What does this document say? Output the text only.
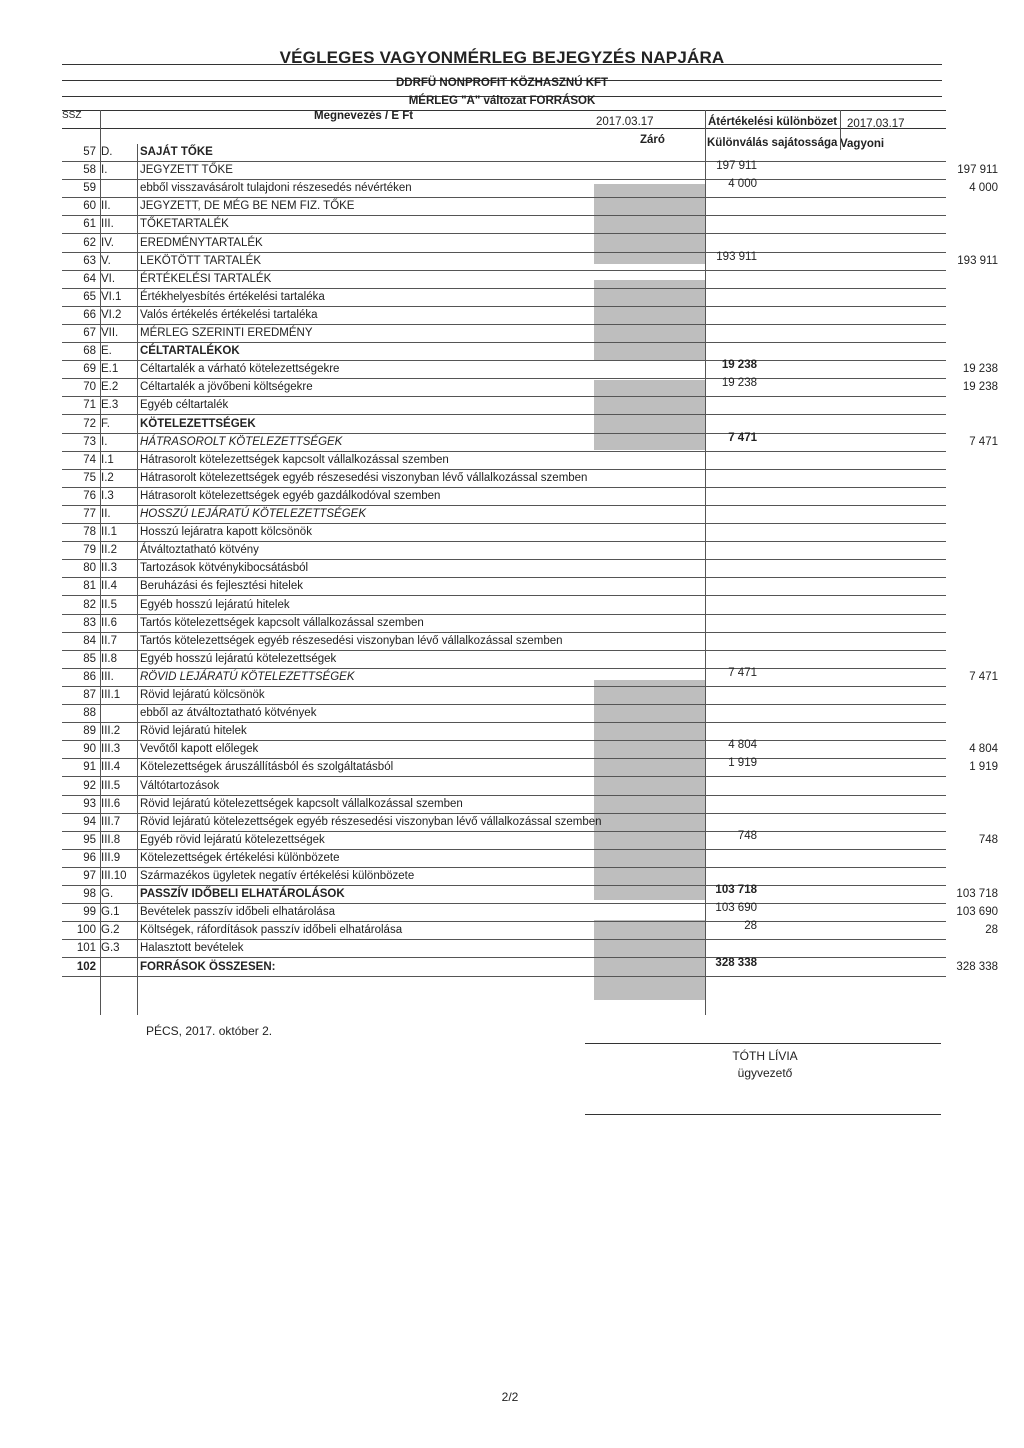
VÉGLEGES VAGYONMÉRLEG BEJEGYZÉS NAPJÁRA
DDRFÜ NONPROFIT KÖZHASZNÚ KFT
MÉRLEG "A" változat FORRÁSOK
SSZ	Megnevezés / E Ft	2017.03.17
Záró
Átértékelési különbözet
Különválás sajátossága
2017.03.17
Vagyoni
57 D.	SAJÁT TŐKE
58 I.	JEGYZETT TŐKE	197 911	197 911
59	ebből visszavásárolt tulajdoni részesedés névértéken	4 000	4 000
60 II.	JEGYZETT, DE MÉG BE NEM FIZ. TŐKE
61 III.	TŐKETARTALÉK
62 IV.	EREDMÉNYTARTALÉK
63 V.	LEKÖTÖTT TARTALÉK	193 911	193 911
64 VI.	ÉRTÉKELÉSI TARTALÉK
65 VI.1	Értékhelyesbítés értékelési tartaléka
66 VI.2	Valós értékelés értékelési tartaléka
67 VII.	MÉRLEG SZERINTI EREDMÉNY
68 E.	CÉLTARTALÉKOK
69 E.1	Céltartalék a várható kötelezettségekre	19 238	19 238
70 E.2	Céltartalék a jövőbeni költségekre	19 238	19 238
71 E.3	Egyéb céltartalék
72 F.	KÖTELEZETTSÉGEK
73 I.	HÁTRASOROLT KÖTELEZETTSÉGEK	7 471	7 471
74 I.1	Hátrasorolt kötelezettségek kapcsolt vállalkozással szemben
75 I.2	Hátrasorolt kötelezettségek egyéb részesedési viszonyban lévő vállalkozással szemben
76 I.3	Hátrasorolt kötelezettségek egyéb gazdálkodóval szemben
77 II.	HOSSZÚ LEJÁRATÚ KÖTELEZETTSÉGEK
78 II.1	Hosszú lejáratra kapott kölcsönök
79 II.2	Átváltoztatható kötvény
80 II.3	Tartozások kötvénykibocsátásból
81 II.4	Beruházási és fejlesztési hitelek
82 II.5	Egyéb hosszú lejáratú hitelek
83 II.6	Tartós kötelezettségek kapcsolt vállalkozással szemben
84 II.7	Tartós kötelezettségek egyéb részesedési viszonyban lévő vállalkozással szemben
85 II.8	Egyéb hosszú lejáratú kötelezettségek
86 III.	RÖVID LEJÁRATÚ KÖTELEZETTSÉGEK	7 471	7 471
87 III.1	Rövid lejáratú kölcsönök
88	ebből az átváltoztatható kötvények
89 III.2	Rövid lejáratú hitelek
90 III.3	Vevőtől kapott előlegek	4 804	4 804
91 III.4	Kötelezettségek áruszállításból és szolgáltatásból	1 919	1 919
92 III.5	Váltótartozások
93 III.6	Rövid lejáratú kötelezettségek kapcsolt vállalkozással szemben
94 III.7	Rövid lejáratú kötelezettségek egyéb részesedési viszonyban lévő vállalkozással szemben
95 III.8	Egyéb rövid lejáratú kötelezettségek	748	748
96 III.9	Kötelezettségek értékelési különbözete
97 III.10	Származékos ügyletek negatív értékelési különbözete
98 G.	PASSZÍV IDŐBELI ELHATÁROLÁSOK	103 718	103 718
99 G.1	Bevételek passzív időbeli elhatárolása	103 690	103 690
100 G.2	Költségek, ráfordítások passzív időbeli elhatárolása	28	28
101 G.3	Halasztott bevételek
102	FORRÁSOK ÖSSZESEN:	328 338	328 338
PÉCS, 2017. október 2.
TÓTH LÍVIA
ügyvezető
2/2
